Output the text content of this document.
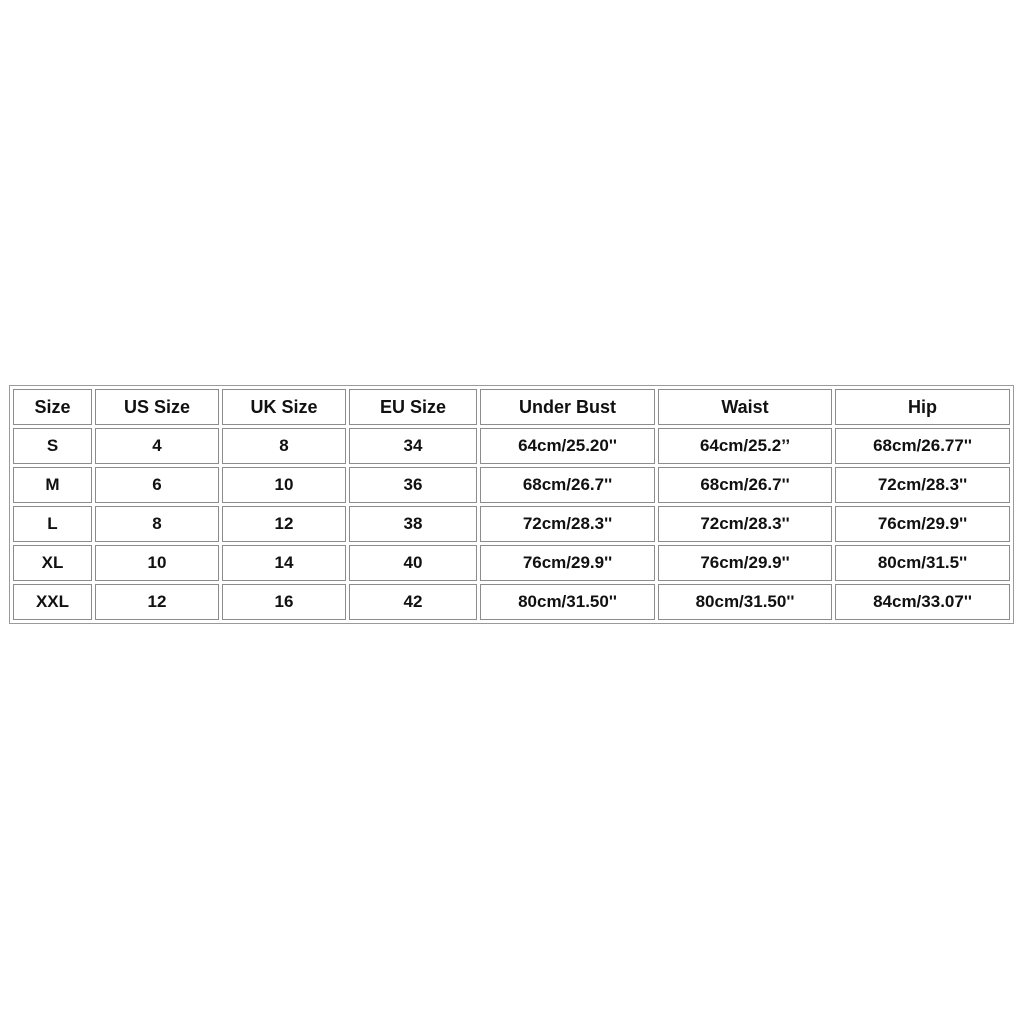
Size	US Size	UK Size	EU Size	Under Bust	Waist	Hip
S	4	8	34	64cm/25.20''	64cm/25.2’’	68cm/26.77''
M	6	10	36	68cm/26.7''	68cm/26.7''	72cm/28.3''
L	8	12	38	72cm/28.3''	72cm/28.3''	76cm/29.9''
XL	10	14	40	76cm/29.9''	76cm/29.9''	80cm/31.5''
XXL	12	16	42	80cm/31.50''	80cm/31.50''	84cm/33.07''
